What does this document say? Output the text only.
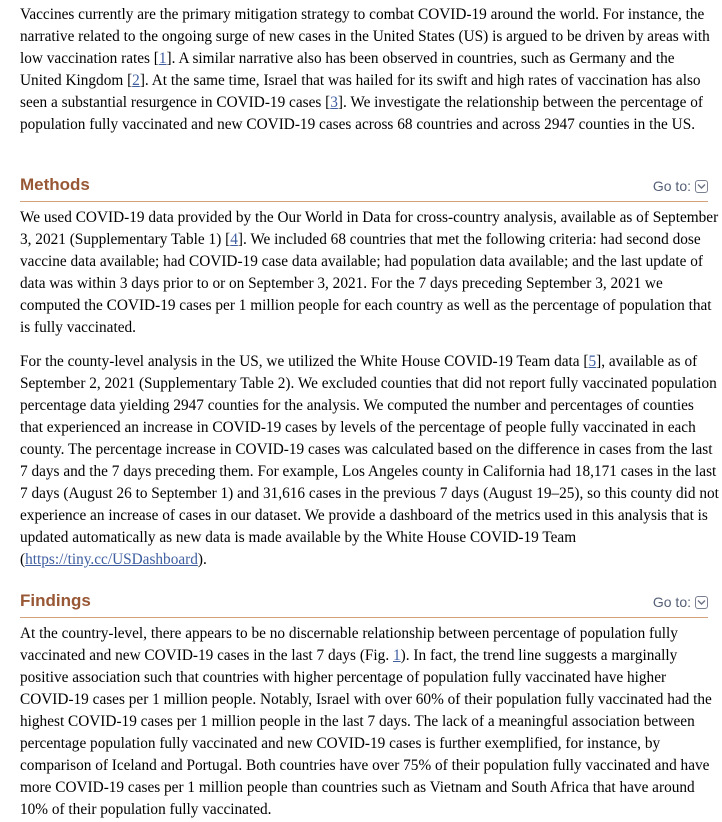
Vaccines currently are the primary mitigation strategy to combat COVID-19 around the world. For instance, the narrative related to the ongoing surge of new cases in the United States (US) is argued to be driven by areas with low vaccination rates [1]. A similar narrative also has been observed in countries, such as Germany and the United Kingdom [2]. At the same time, Israel that was hailed for its swift and high rates of vaccination has also seen a substantial resurgence in COVID-19 cases [3]. We investigate the relationship between the percentage of population fully vaccinated and new COVID-19 cases across 68 countries and across 2947 counties in the US.

Methods	Go to:

We used COVID-19 data provided by the Our World in Data for cross-country analysis, available as of September 3, 2021 (Supplementary Table 1) [4]. We included 68 countries that met the following criteria: had second dose vaccine data available; had COVID-19 case data available; had population data available; and the last update of data was within 3 days prior to or on September 3, 2021. For the 7 days preceding September 3, 2021 we computed the COVID-19 cases per 1 million people for each country as well as the percentage of population that is fully vaccinated.

For the county-level analysis in the US, we utilized the White House COVID-19 Team data [5], available as of September 2, 2021 (Supplementary Table 2). We excluded counties that did not report fully vaccinated population percentage data yielding 2947 counties for the analysis. We computed the number and percentages of counties that experienced an increase in COVID-19 cases by levels of the percentage of people fully vaccinated in each county. The percentage increase in COVID-19 cases was calculated based on the difference in cases from the last 7 days and the 7 days preceding them. For example, Los Angeles county in California had 18,171 cases in the last 7 days (August 26 to September 1) and 31,616 cases in the previous 7 days (August 19–25), so this county did not experience an increase of cases in our dataset. We provide a dashboard of the metrics used in this analysis that is updated automatically as new data is made available by the White House COVID-19 Team (https://tiny.cc/USDashboard).

Findings	Go to:

At the country-level, there appears to be no discernable relationship between percentage of population fully vaccinated and new COVID-19 cases in the last 7 days (Fig. 1). In fact, the trend line suggests a marginally positive association such that countries with higher percentage of population fully vaccinated have higher COVID-19 cases per 1 million people. Notably, Israel with over 60% of their population fully vaccinated had the highest COVID-19 cases per 1 million people in the last 7 days. The lack of a meaningful association between percentage population fully vaccinated and new COVID-19 cases is further exemplified, for instance, by comparison of Iceland and Portugal. Both countries have over 75% of their population fully vaccinated and have more COVID-19 cases per 1 million people than countries such as Vietnam and South Africa that have around 10% of their population fully vaccinated.
